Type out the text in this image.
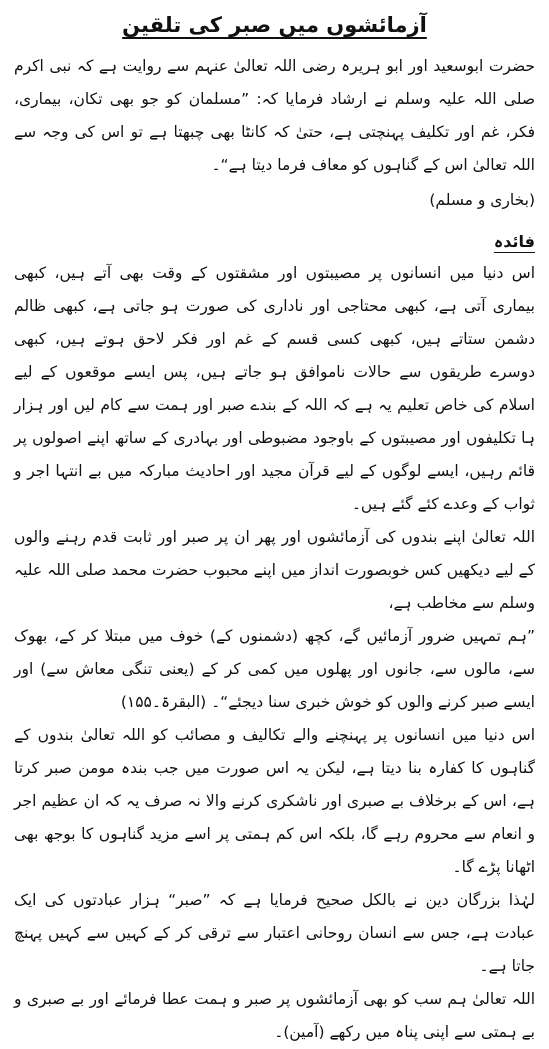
آزمائشوں میں صبر کی تلقین

حضرت ابوسعید اور ابو ہریرہ رضی اللہ تعالیٰ عنہم سے روایت ہے کہ نبی اکرم صلی اللہ علیہ وسلم نے ارشاد فرمایا کہ: ”مسلمان کو جو بھی تکان، بیماری، فکر، غم اور تکلیف پہنچتی ہے، حتیٰ کہ کانٹا بھی چبھتا ہے تو اس کی وجہ سے اللہ تعالیٰ اس کے گناہوں کو معاف فرما دیتا ہے“۔

(بخاری و مسلم)
فائدہ

اس دنیا میں انسانوں پر مصیبتوں اور مشقتوں کے وقت بھی آتے ہیں، کبھی بیماری آتی ہے، کبھی محتاجی اور ناداری کی صورت ہو جاتی ہے، کبھی ظالم دشمن ستاتے ہیں، کبھی کسی قسم کے غم اور فکر لاحق ہوتے ہیں، کبھی دوسرے طریقوں سے حالات ناموافق ہو جاتے ہیں، پس ایسے موقعوں کے لیے اسلام کی خاص تعلیم یہ ہے کہ اللہ کے بندے صبر اور ہمت سے کام لیں اور ہزار ہا تکلیفوں اور مصیبتوں کے باوجود مضبوطی اور بہادری کے ساتھ اپنے اصولوں پر قائم رہیں، ایسے لوگوں کے لیے قرآن مجید اور احادیث مبارکہ میں بے انتہا اجر و ثواب کے وعدے کئے گئے ہیں۔

اللہ تعالیٰ اپنے بندوں کی آزمائشوں اور پھر ان پر صبر اور ثابت قدم رہنے والوں کے لیے دیکھیں کس خوبصورت انداز میں اپنے محبوب حضرت محمد صلی اللہ علیہ وسلم سے مخاطب ہے،

”ہم تمہیں ضرور آزمائیں گے، کچھ (دشمنوں کے) خوف میں مبتلا کر کے، بھوک سے، مالوں سے، جانوں اور پھلوں میں کمی کر کے (یعنی تنگی معاش سے) اور ایسے صبر کرنے والوں کو خوش خبری سنا دیجئے“۔ (البقرۃ۔۱۵۵)

اس دنیا میں انسانوں پر پہنچنے والے تکالیف و مصائب کو اللہ تعالیٰ بندوں کے گناہوں کا کفارہ بنا دیتا ہے، لیکن یہ اس صورت میں جب بندہ مومن صبر کرتا ہے، اس کے برخلاف بے صبری اور ناشکری کرنے والا نہ صرف یہ کہ ان عظیم اجر و انعام سے محروم رہے گا، بلکہ اس کم ہمتی پر اسے مزید گناہوں کا بوجھ بھی اٹھانا پڑے گا۔

لہٰذا بزرگان دین نے بالکل صحیح فرمایا ہے کہ ”صبر“ ہزار عبادتوں کی ایک عبادت ہے، جس سے انسان روحانی اعتبار سے ترقی کر کے کہیں سے کہیں پہنچ جاتا ہے۔

اللہ تعالیٰ ہم سب کو بھی آزمائشوں پر صبر و ہمت عطا فرمائے اور بے صبری و بے ہمتی سے اپنی پناہ میں رکھے (آمین)۔
